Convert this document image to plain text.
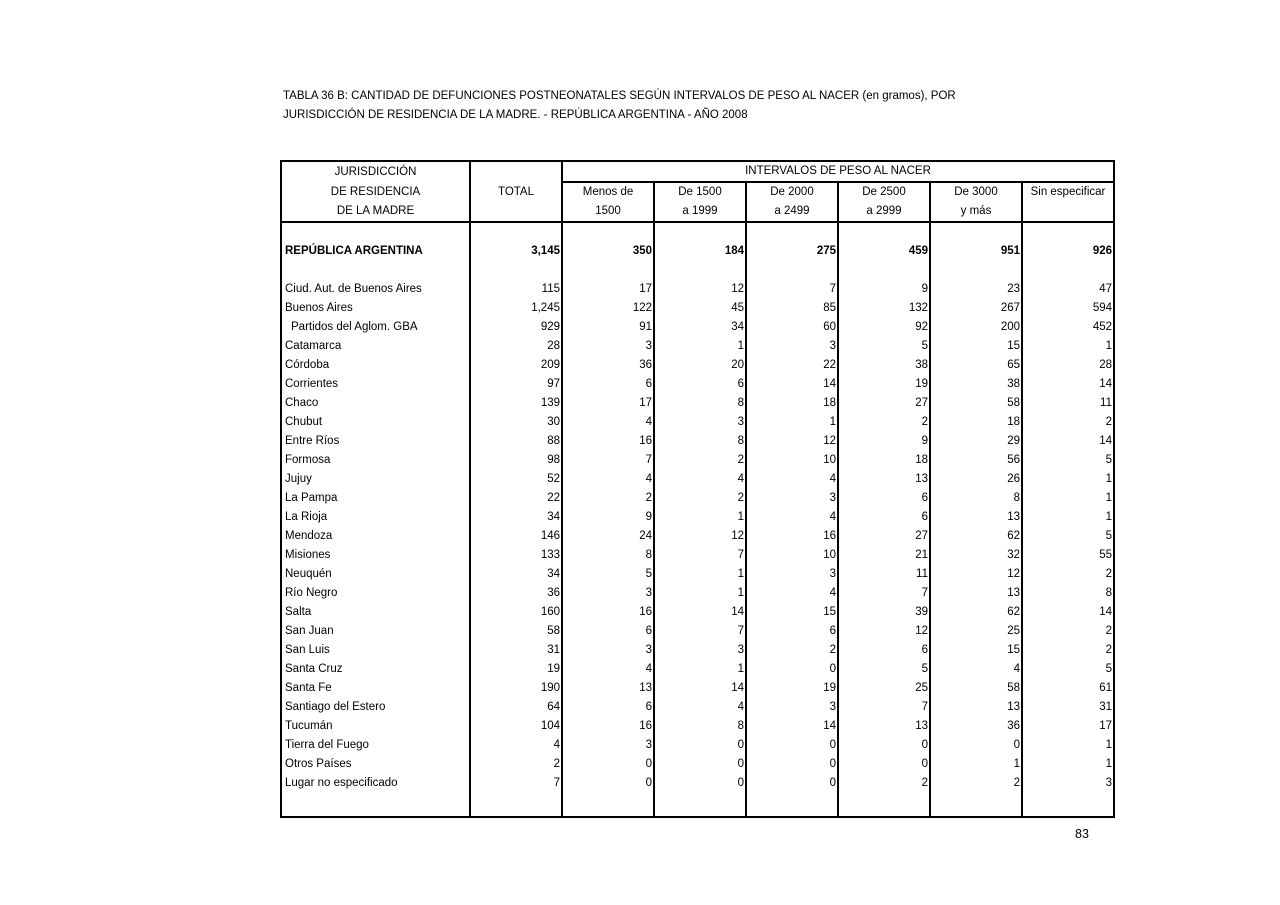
TABLA 36 B: CANTIDAD DE DEFUNCIONES POSTNEONATALES SEGÚN INTERVALOS DE PESO AL NACER (en gramos), POR
JURISDICCIÓN DE RESIDENCIA DE LA MADRE. - REPÚBLICA ARGENTINA - AÑO 2008
JURISDICCIÓN		INTERVALOS DE PESO AL NACER					
DE RESIDENCIA	TOTAL	Menos de	De 1500	De 2000	De 2500	De 3000	Sin especificar
DE LA MADRE		1500	a 1999	a 2499	a 2999	y más	

REPÚBLICA ARGENTINA	3,145	350	184	275	459	951	926

Ciud. Aut. de Buenos Aires	115	17	12	7	9	23	47
Buenos Aires	1,245	122	45	85	132	267	594
Partidos del Aglom. GBA	929	91	34	60	92	200	452
Catamarca	28	3	1	3	5	15	1
Córdoba	209	36	20	22	38	65	28
Corrientes	97	6	6	14	19	38	14
Chaco	139	17	8	18	27	58	11
Chubut	30	4	3	1	2	18	2
Entre Ríos	88	16	8	12	9	29	14
Formosa	98	7	2	10	18	56	5
Jujuy	52	4	4	4	13	26	1
La Pampa	22	2	2	3	6	8	1
La Rioja	34	9	1	4	6	13	1
Mendoza	146	24	12	16	27	62	5
Misiones	133	8	7	10	21	32	55
Neuquén	34	5	1	3	11	12	2
Río Negro	36	3	1	4	7	13	8
Salta	160	16	14	15	39	62	14
San Juan	58	6	7	6	12	25	2
San Luis	31	3	3	2	6	15	2
Santa Cruz	19	4	1	0	5	4	5
Santa Fe	190	13	14	19	25	58	61
Santiago del Estero	64	6	4	3	7	13	31
Tucumán	104	16	8	14	13	36	17
Tierra del Fuego	4	3	0	0	0	0	1
Otros Países	2	0	0	0	0	1	1
Lugar no especificado	7	0	0	0	2	2	3

83
